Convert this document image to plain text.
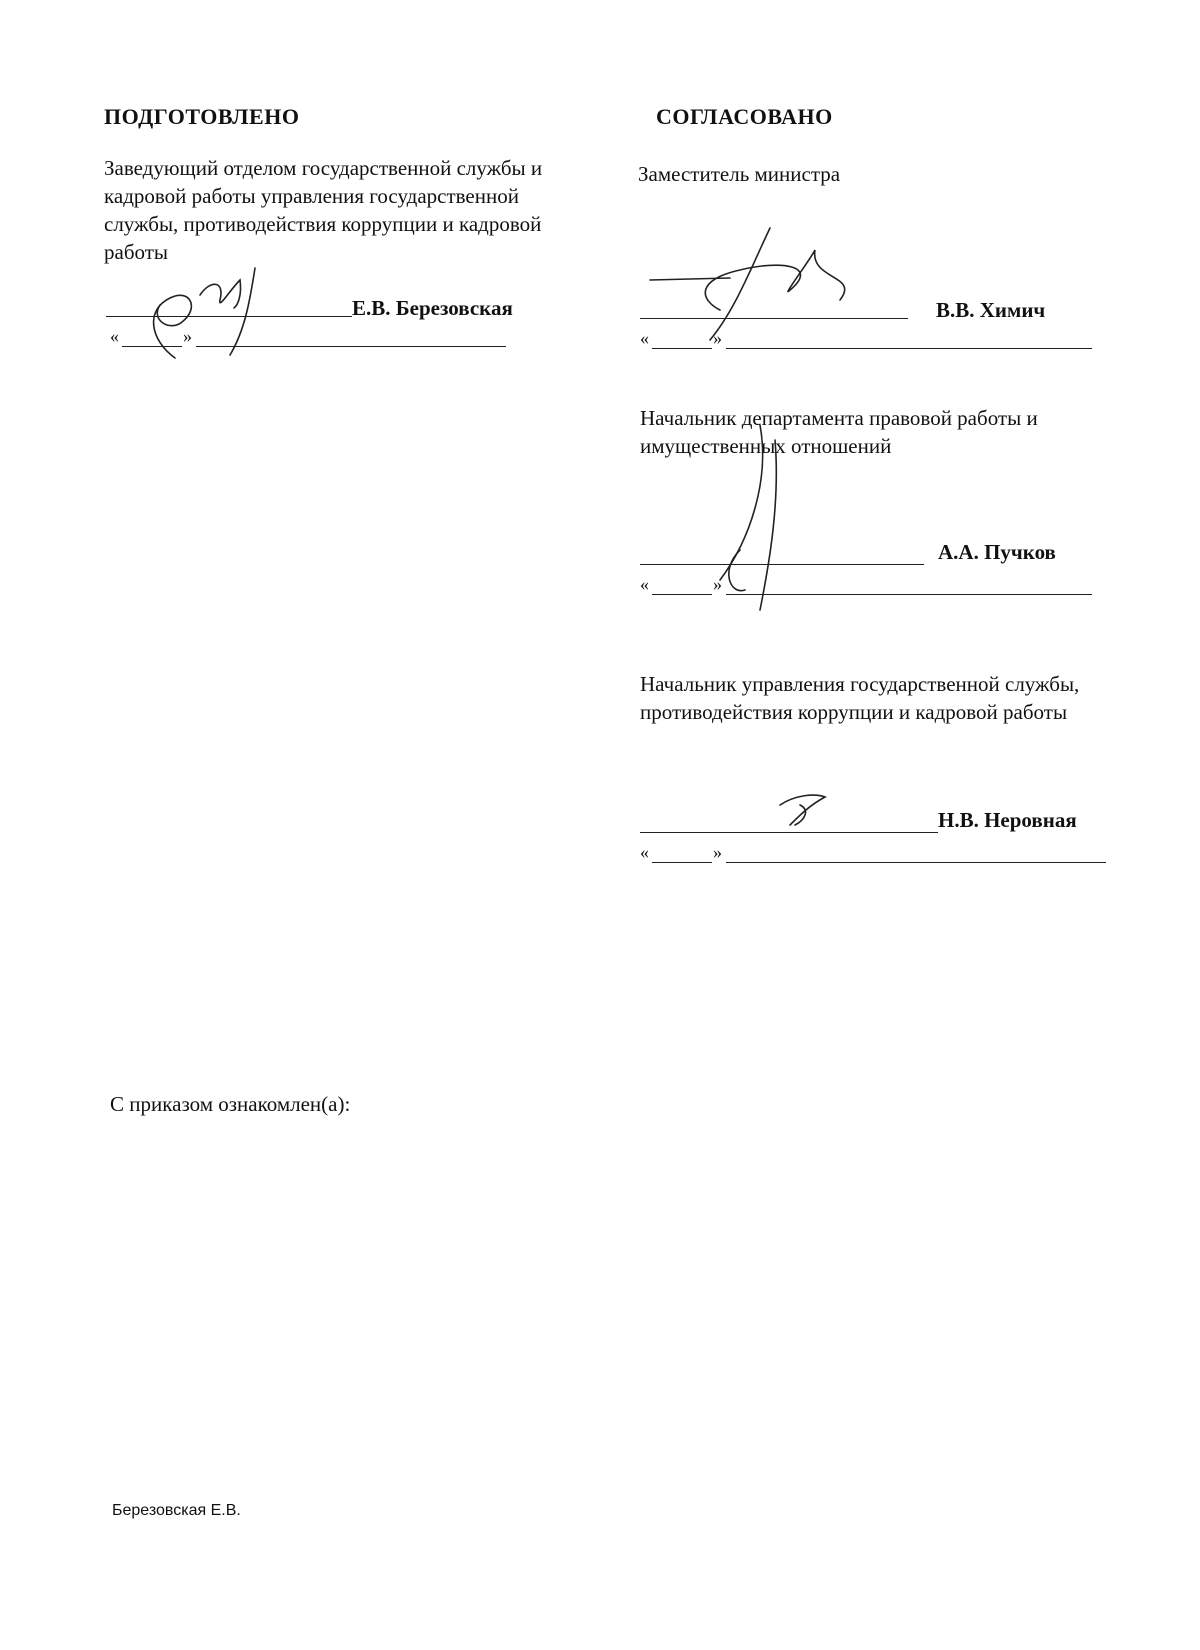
ПОДГОТОВЛЕНО
Заведующий отделом государственной службы и кадровой работы управления государственной службы, противодействия коррупции и кадровой работы
Е.В. Березовская
«	»
СОГЛАСОВАНО
Заместитель министра
В.В. Химич
«	»
Начальник департамента правовой работы и имущественных отношений
А.А. Пучков
«	»
Начальник управления государственной службы, противодействия коррупции и кадровой работы
Н.В. Неровная
«	»
С приказом ознакомлен(а):
Березовская Е.В.
